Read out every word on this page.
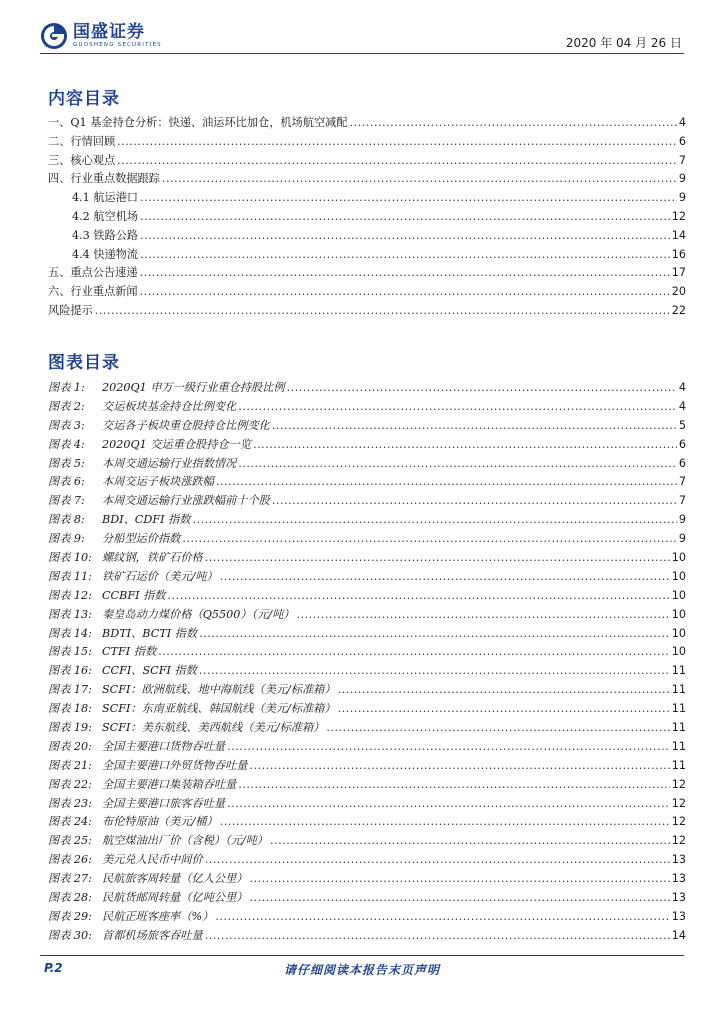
国盛证券
GUOSHENG SECURITIES	2020 年 04 月 26 日
内容目录
一、Q1 基金持仓分析：快递、油运环比加仓，机场航空减配 .....	4
二、行情回顾 .....	6
三、核心观点 .....	7
四、行业重点数据跟踪 .....	9
4.1 航运港口 .....	9
4.2 航空机场 .....	12
4.3 铁路公路 .....	14
4.4 快递物流 .....	16
五、重点公告速递 .....	17
六、行业重点新闻 .....	20
风险提示 .....	22
图表目录
图表 1: 2020Q1 申万一级行业重仓持股比例 .....	4
图表 2: 交运板块基金持仓比例变化 .....	4
图表 3: 交运各子板块重仓股持仓比例变化 .....	5
图表 4: 2020Q1 交运重仓股持仓一览 .....	6
图表 5: 本周交通运输行业指数情况 .....	6
图表 6: 本周交运子板块涨跌幅 .....	7
图表 7: 本周交通运输行业涨跌幅前十个股 .....	7
图表 8: BDI、CDFI 指数 .....	9
图表 9: 分船型运价指数 .....	9
图表 10: 螺纹钢，铁矿石价格 .....	10
图表 11: 铁矿石运价（美元/吨） .....	10
图表 12: CCBFI 指数 .....	10
图表 13: 秦皇岛动力煤价格（Q5500）（元/吨） .....	10
图表 14: BDTI、BCTI 指数 .....	10
图表 15: CTFI 指数 .....	10
图表 16: CCFI、SCFI 指数 .....	11
图表 17: SCFI：欧洲航线、地中海航线（美元/标准箱） .....	11
图表 18: SCFI：东南亚航线、韩国航线（美元/标准箱） .....	11
图表 19: SCFI：美东航线、美西航线（美元/标准箱） .....	11
图表 20: 全国主要港口货物吞吐量 .....	11
图表 21: 全国主要港口外贸货物吞吐量 .....	11
图表 22: 全国主要港口集装箱吞吐量 .....	12
图表 23: 全国主要港口旅客吞吐量 .....	12
图表 24: 布伦特原油（美元/桶） .....	12
图表 25: 航空煤油出厂价（含税）（元/吨） .....	12
图表 26: 美元兑人民币中间价 .....	13
图表 27: 民航旅客周转量（亿人公里） .....	13
图表 28: 民航货邮周转量（亿吨公里） .....	13
图表 29: 民航正班客座率（%） .....	13
图表 30: 首都机场旅客吞吐量 .....	14
P.2	请仔细阅读本报告末页声明
